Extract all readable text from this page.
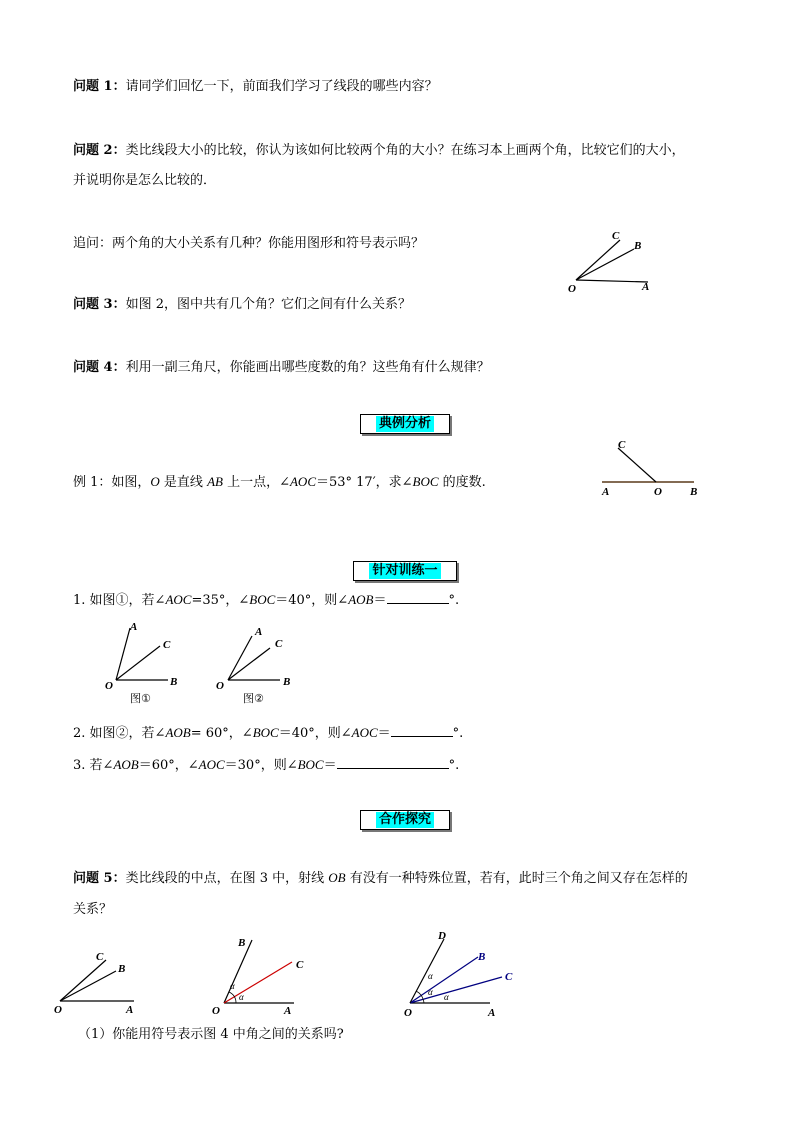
问题 1：请同学们回忆一下，前面我们学习了线段的哪些内容？
问题 2：类比线段大小的比较，你认为该如何比较两个角的大小？在练习本上画两个角，比较它们的大小，
并说明你是怎么比较的．
追问：两个角的大小关系有几种？你能用图形和符号表示吗？
问题 3：如图 2，图中共有几个角？它们之间有什么关系？
问题 4：利用一副三角尺，你能画出哪些度数的角？这些角有什么规律？
典例分析
例 1：如图，O 是直线 AB 上一点，∠AOC＝53° 17′，求∠BOC 的度数.
针对训练一
1. 如图①，若∠AOC=35°，∠BOC＝40°，则∠AOB＝	°.
2. 如图②，若∠AOB= 60°，∠BOC＝40°，则∠AOC＝	°.
3. 若∠AOB＝60°，∠AOC＝30°，则∠BOC＝	°.
合作探究
问题 5：类比线段的中点，在图 3 中，射线 OB 有没有一种特殊位置，若有，此时三个角之间又存在怎样的
关系？
（1）你能用符号表示图 4 中角之间的关系吗?
O	A
B
C
C
A	O	B
A
C
B
O
图①
A
C
B
O
图②
C
B
A
O
α
α
B
C
A
O
α
α
α
D
B
C
A
O
